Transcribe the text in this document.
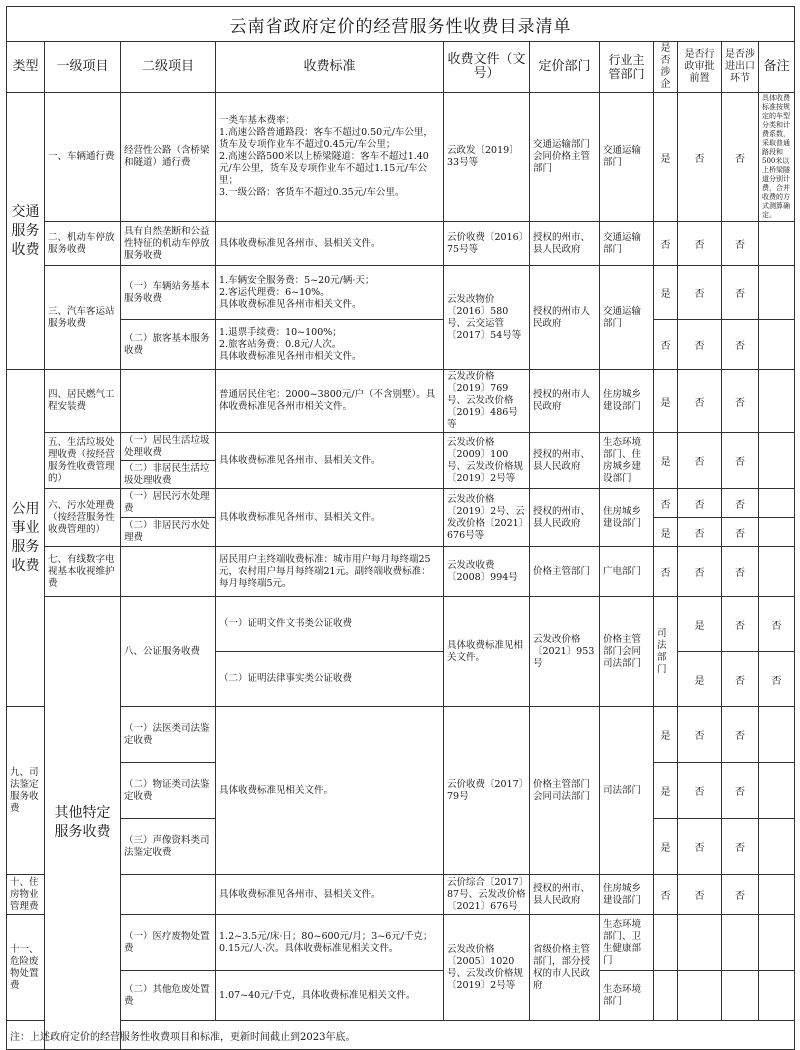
云南省政府定价的经营服务性收费目录清单											
类型	一级项目	二级项目	收费标准	收费文件（文号）	定价部门	行业主管部门	是否涉企	是否行政审批前置	是否涉进出口环节	备注	
交通服务收费	一、车辆通行费	经营性公路（含桥梁和隧道）通行费	一类车基本费率：
1.高速公路普通路段：客车不超过0.50元/车公里，货车及专项作业车不超过0.45元/车公里；
2.高速公路500米以上桥梁隧道：客车不超过1.40元/车公里，货车及专项作业车不超过1.15元/车公里；
3.一级公路：客货车不超过0.35元/车公里。	云政发〔2019〕33号等	交通运输部门会同价格主管部门	交通运输部门	是	否	否	具体收费标准按规定的车型分类和计费系数，采取普通路段和500米以上桥梁隧道分别计费，合并收费的方式测算确定。	
	二、机动车停放服务收费	具有自然垄断和公益性特征的机动车停放服务收费	具体收费标准见各州市、县相关文件。	云价收费〔2016〕75号等	授权的州市、县人民政府	交通运输部门	否	否	否		
	三、汽车客运站服务收费	（一）车辆站务基本服务收费	1.车辆安全服务费：5~20元/辆·天；
2.客运代理费：6~10%。
具体收费标准见各州市相关文件。	云发改物价〔2016〕580号、云交运管〔2017〕54号等	授权的州市人民政府	交通运输部门	是	否	否		
		（二）旅客基本服务收费	1.退票手续费：10~100%；
2.旅客站务费：0.8元/人次。
具体收费标准见各州市相关文件。				否	否	否		
公用事业服务收费	四、居民燃气工程安装费		普通居民住宅：2000~3800元/户（不含别墅）。具体收费标准见各州市相关文件。	云发改价格〔2019〕769号、云发改价格〔2019〕486号等	授权的州市人民政府	住房城乡建设部门	是	否	否		
	五、生活垃圾处理收费（按经营服务性收费管理的）	（一）居民生活垃圾处理收费	具体收费标准见各州市、县相关文件。	云发改价格〔2009〕100号、云发改价格规〔2019〕2号等	授权的州市、县人民政府	生态环境部门、住房城乡建设部门	是	否	否		
		（二）非居民生活垃圾处理收费									
	六、污水处理费（按经营服务性收费管理的）	（一）居民污水处理费	具体收费标准见各州市、县相关文件。	云发改价格〔2019〕2号、云发改价格〔2021〕676号等	授权的州市、县人民政府	住房城乡建设部门	否	否	否		
		（二）非居民污水处理费					是	否	否		
	七、有线数字电视基本收视维护费		居民用户主终端收费标准：城市用户每月每终端25元，农村用户每月每终端21元。副终端收费标准：每月每终端5元。	云发改收费〔2008〕994号	价格主管部门	广电部门	否	否	否		
	其他特定服务收费	八、公证服务收费	（一）证明文件文书类公证收费	具体收费标准见相关文件。	云发改价格〔2021〕953号	价格主管部门会同司法部门	司法部门	是	否	否	
			（二）证明法律事实类公证收费					是	否	否	
九、司法鉴定服务收费		（一）法医类司法鉴定收费	具体收费标准见相关文件。	云价收费〔2017〕79号	价格主管部门会同司法部门	司法部门	是	否	否		
		（二）物证类司法鉴定收费					是	否	否		
		（三）声像资料类司法鉴定收费					是	否	否		
十、住房物业管理费			具体收费标准见各州市、县相关文件。	云价综合〔2017〕87号、云发改价格〔2021〕676号	授权的州市、县人民政府	住房城乡建设部门	否	否	否		
十一、危险废物处置费		（一）医疗废物处置费	1.2~3.5元/床·日；80~600元/月；3~6元/千克；0.15元/人·次。具体收费标准见相关文件。	云发改价格〔2005〕1020号、云发改价格规〔2019〕2号等	省级价格主管部门，部分授权的市人民政府	生态环境部门、卫生健康部门					
		（二）其他危废处置费	1.07~40元/千克，具体收费标准见相关文件。			生态环境部门					
注：上述政府定价的经营服务性收费项目和标准，更新时间截止到2023年底。											
